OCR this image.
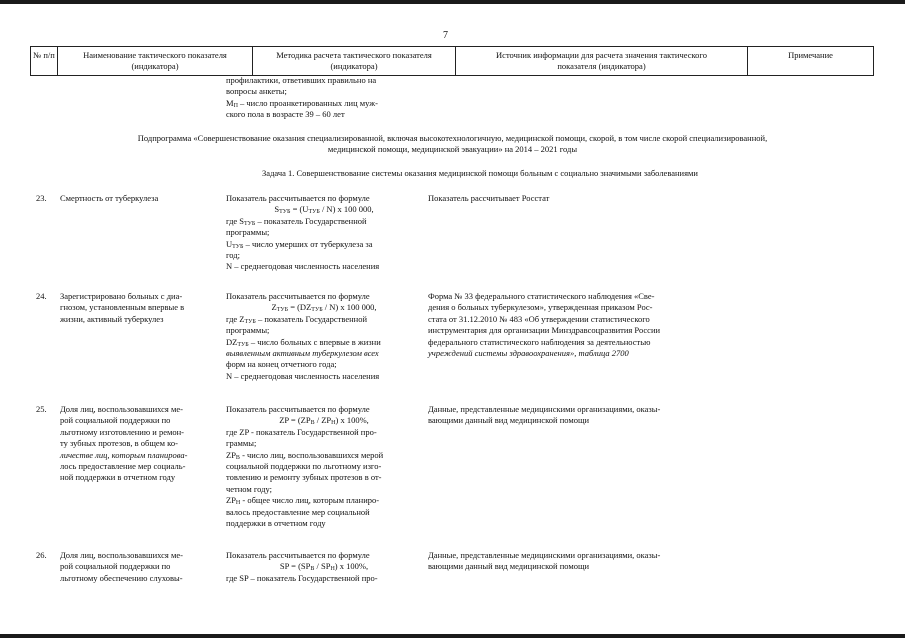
7
№ п/п	Наименование тактического показателя (индикатора)
Методика расчета тактического показателя (индикатора)
Источник информации для расчета значения тактического показателя (индикатора)
Примечание
профилактики, ответивших правильно на
вопросы анкеты;
$М_П$ – число проанкетированных лиц муж-
ского пола в возрасте 39 – 60 лет
Подпрограмма «Совершенствование оказания специализированной, включая высокотехнологичную, медицинской помощи, скорой, в том числе скорой специализированной,
медицинской помощи, медицинской эвакуации» на 2014 – 2021 годы
Задача 1. Совершенствование системы оказания медицинской помощи больным с социально значимыми заболеваниями
23. Смертность от туберкулеза	Показатель рассчитывается по формуле
$S_{ТУБ} = (U_{ТУБ} / N)$ x 100 000,
где $S_{ТУБ}$ – показатель Государственной
программы;
$U_{ТУБ}$ – число умерших от туберкулеза за
год;
N – среднегодовая численность населения
Показатель рассчитывает Росстат
24. Зарегистрировано больных с диа-
гнозом, установленным впервые в
жизни, активный туберкулез
Показатель рассчитывается по формуле
$Z_{ТУБ} = (DZ_{ТУБ} / N)$ x 100 000,
где $Z_{ТУБ}$ – показатель Государственной
программы;
$DZ_{ТУБ}$ – число больных с впервые в жизни
выявленным активным туберкулезом всех
форм на конец отчетного года;
N – среднегодовая численность населения
Форма № 33 федерального статистического наблюдения «Све-
дения о больных туберкулезом», утвержденная приказом Рос-
стата от 31.12.2010 № 483 «Об утверждении статистического
инструментария для организации Минздравсоцразвития России
федерального статистического наблюдения за деятельностью
учреждений системы здравоохранения», таблица 2700
25. Доля лиц, воспользовавшихся ме-
рой социальной поддержки по
льготному изготовлению и ремон-
ту зубных протезов, в общем ко-
личестве лиц, которым планирова-
лось предоставление мер социаль-
ной поддержки в отчетном году
Показатель рассчитывается по формуле
ZP = $(ZP_В / ZP_Н)$ x 100%,
где ZP - показатель Государственной про-
граммы;
$ZP_В$ - число лиц, воспользовавшихся мерой
социальной поддержки по льготному изго-
товлению и ремонту зубных протезов в от-
четном году;
$ZP_Н$ - общее число лиц, которым планиро-
валось предоставление мер социальной
поддержки в отчетном году
Данные, представленные медицинскими организациями, оказы-
вающими данный вид медицинской помощи
26. Доля лиц, воспользовавшихся ме-
рой социальной поддержки по
льготному обеспечению слуховы-
Показатель рассчитывается по формуле
SP = $(SP_В / SP_Н)$ x 100%,
где SP – показатель Государственной про-
Данные, представленные медицинскими организациями, оказы-
вающими данный вид медицинской помощи
